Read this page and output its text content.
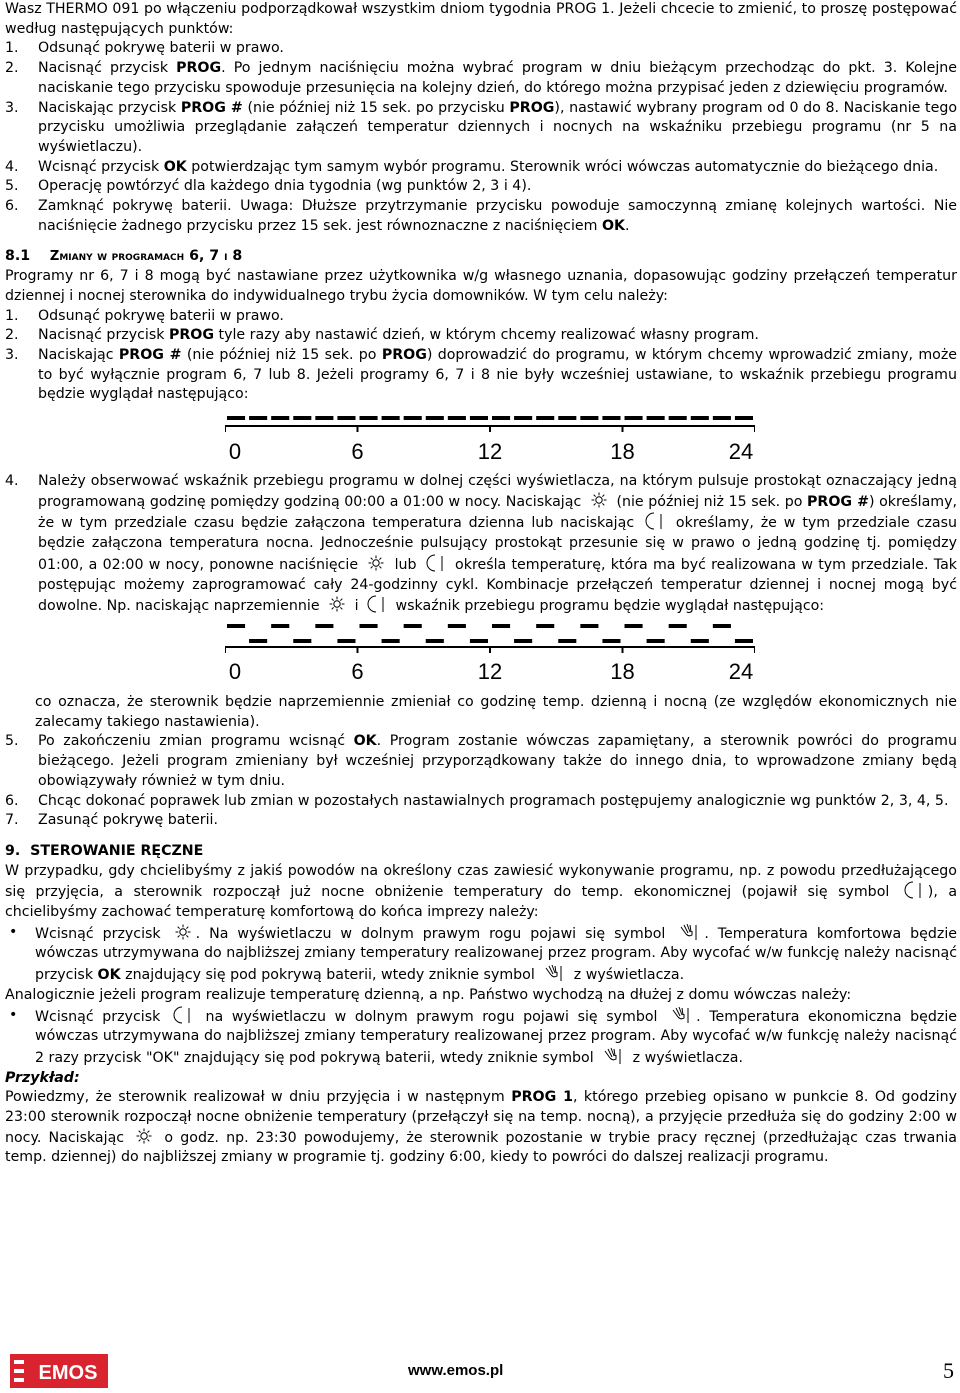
Wasz THERMO 091 po włączeniu podporządkował wszystkim dniom tygodnia PROG 1. Jeżeli chcecie to zmienić, to proszę postępować według następujących punktów:

1. Odsunąć pokrywę baterii w prawo.
2. Nacisnąć przycisk PROG. Po jednym naciśnięciu można wybrać program w dniu bieżącym przechodząc do pkt. 3. Kolejne naciskanie tego przycisku spowoduje przesunięcia na kolejny dzień, do którego można przypisać jeden z dziewięciu programów.
3. Naciskając przycisk PROG # (nie później niż 15 sek. po przycisku PROG), nastawić wybrany program od 0 do 8. Naciskanie tego przycisku umożliwia przeglądanie załączeń temperatur dziennych i nocnych na wskaźniku przebiegu programu (nr 5 na wyświetlaczu).
4. Wcisnąć przycisk OK potwierdzając tym samym wybór programu. Sterownik wróci wówczas automatycznie do bieżącego dnia.
5. Operację powtórzyć dla każdego dnia tygodnia (wg punktów 2, 3 i 4).
6. Zamknąć pokrywę baterii. Uwaga: Dłuższe przytrzymanie przycisku powoduje samoczynną zmianę kolejnych wartości. Nie naciśnięcie żadnego przycisku przez 15 sek. jest równoznaczne z naciśnięciem OK.
8.1 Zmiany w programach 6, 7 i 8

Programy nr 6, 7 i 8 mogą być nastawiane przez użytkownika w/g własnego uznania, dopasowując godziny przełączeń temperatur dziennej i nocnej sterownika do indywidualnego trybu życia domowników. W tym celu należy:

1. Odsunąć pokrywę baterii w prawo.
2. Nacisnąć przycisk PROG tyle razy aby nastawić dzień, w którym chcemy realizować własny program.
3. Naciskając PROG # (nie później niż 15 sek. po PROG) doprowadzić do programu, w którym chcemy wprowadzić zmiany, może to być wyłącznie program 6, 7 lub 8. Jeżeli programy 6, 7 i 8 nie były wcześniej ustawiane, to wskaźnik przebiegu programu będzie wyglądał następująco:
0	6	12	18	24
4. Należy obserwować wskaźnik przebiegu programu w dolnej części wyświetlacza, na którym pulsuje prostokąt oznaczający jedną programowaną godzinę pomiędzy godziną 00:00 a 01:00 w nocy. Naciskając  (nie później niż 15 sek. po PROG #) określamy, że w tym przedziale czasu będzie załączona temperatura dzienna lub naciskając  określamy, że w tym przedziale czasu będzie załączona temperatura nocna. Jednocześnie pulsujący prostokąt przesunie się w prawo o jedną godzinę tj. pomiędzy 01:00, a 02:00 w nocy, ponowne naciśnięcie  lub  określa temperaturę, która ma być realizowana w tym przedziale. Tak postępując możemy zaprogramować cały 24-godzinny cykl. Kombinacje przełączeń temperatur dziennej i nocnej mogą być dowolne. Np. naciskając naprzemiennie  i  wskaźnik przebiegu programu będzie wyglądał następująco:
0	6	12	18	24

co oznacza, że sterownik będzie naprzemiennie zmieniał co godzinę temp. dzienną i nocną (ze względów ekonomicznych nie zalecamy takiego nastawienia).

5. Po zakończeniu zmian programu wcisnąć OK. Program zostanie wówczas zapamiętany, a sterownik powróci do programu bieżącego. Jeżeli program zmieniany był wcześniej przyporządkowany także do innego dnia, to wprowadzone zmiany będą obowiązywały również w tym dniu.
6. Chcąc dokonać poprawek lub zmian w pozostałych nastawialnych programach postępujemy analogicznie wg punktów 2, 3, 4, 5.
7. Zasunąć pokrywę baterii.
9.  STEROWANIE RĘCZNE

W przypadku, gdy chcielibyśmy z jakiś powodów na określony czas zawiesić wykonywanie programu, np. z powodu przedłużającego się przyjęcia, a sterownik rozpoczął już nocne obniżenie temperatury do temp. ekonomicznej (pojawił się symbol ), a chcielibyśmy zachować temperaturę komfortową do końca imprezy należy:

• Wcisnąć przycisk . Na wyświetlaczu w dolnym prawym rogu pojawi się symbol . Temperatura komfortowa będzie wówczas utrzymywana do najbliższej zmiany temperatury realizowanej przez program. Aby wycofać w/w funkcję należy nacisnąć przycisk OK znajdujący się pod pokrywą baterii, wtedy zniknie symbol  z wyświetlacza.

Analogicznie jeżeli program realizuje temperaturę dzienną, a np. Państwo wychodzą na dłużej z domu wówczas należy:

• Wcisnąć przycisk  na wyświetlaczu w dolnym prawym rogu pojawi się symbol . Temperatura ekonomiczna będzie wówczas utrzymywana do najbliższej zmiany temperatury realizowanej przez program. Aby wycofać w/w funkcję należy nacisnąć 2 razy przycisk "OK" znajdujący się pod pokrywą baterii, wtedy zniknie symbol  z wyświetlacza.
Przykład:

Powiedzmy, że sterownik realizował w dniu przyjęcia i w następnym PROG 1, którego przebieg opisano w punkcie 8. Od godziny 23:00 sterownik rozpoczął nocne obniżenie temperatury (przełączył się na temp. nocną), a przyjęcie przedłuża się do godziny 2:00 w nocy. Naciskając  o godz. np. 23:30 powodujemy, że sterownik pozostanie w trybie pracy ręcznej (przedłużając czas trwania temp. dziennej) do najbliższej zmiany w programie tj. godziny 6:00, kiedy to powróci do dalszej realizacji programu.

EMOS	www.emos.pl	5
